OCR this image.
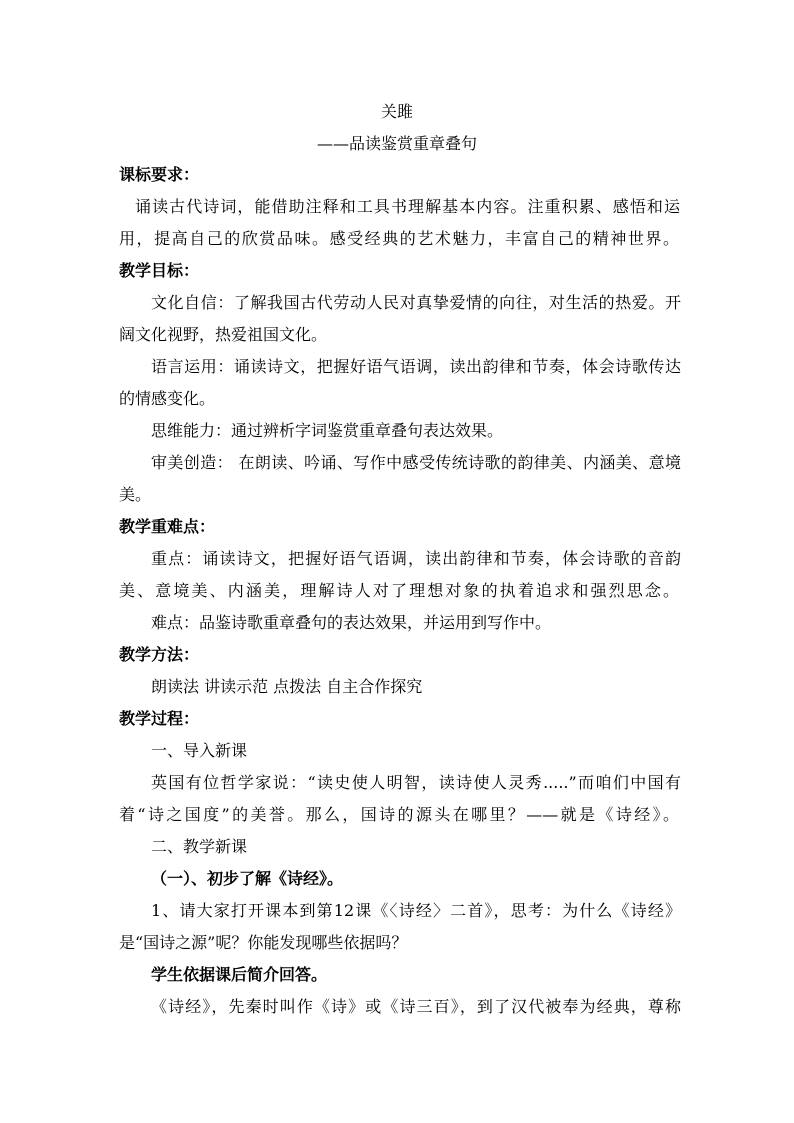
关雎
——品读鉴赏重章叠句
课标要求：
诵读古代诗词，能借助注释和工具书理解基本内容。注重积累、感悟和运
用，提高自己的欣赏品味。感受经典的艺术魅力，丰富自己的精神世界。
教学目标：
文化自信：了解我国古代劳动人民对真挚爱情的向往，对生活的热爱。开
阔文化视野，热爱祖国文化。
语言运用：诵读诗文，把握好语气语调，读出韵律和节奏，体会诗歌传达
的情感变化。
思维能力：通过辨析字词鉴赏重章叠句表达效果。
审美创造： 在朗读、吟诵、写作中感受传统诗歌的韵律美、内涵美、意境
美。
教学重难点：
重点：诵读诗文，把握好语气语调，读出韵律和节奏，体会诗歌的音韵
美、意境美、内涵美，理解诗人对了理想对象的执着追求和强烈思念。
难点：品鉴诗歌重章叠句的表达效果，并运用到写作中。
教学方法：
朗读法 讲读示范 点拨法 自主合作探究
教学过程：
一、导入新课
英国有位哲学家说：“读史使人明智，读诗使人灵秀.....”而咱们中国有
着“诗之国度”的美誉。那么，国诗的源头在哪里？——就是《诗经》。
二、教学新课
（一）、初步了解《诗经》。
1、请大家打开课本到第12课《〈诗经〉二首》，思考：为什么《诗经》
是“国诗之源”呢？你能发现哪些依据吗？
学生依据课后简介回答。
《诗经》，先秦时叫作《诗》或《诗三百》，到了汉代被奉为经典，尊称
